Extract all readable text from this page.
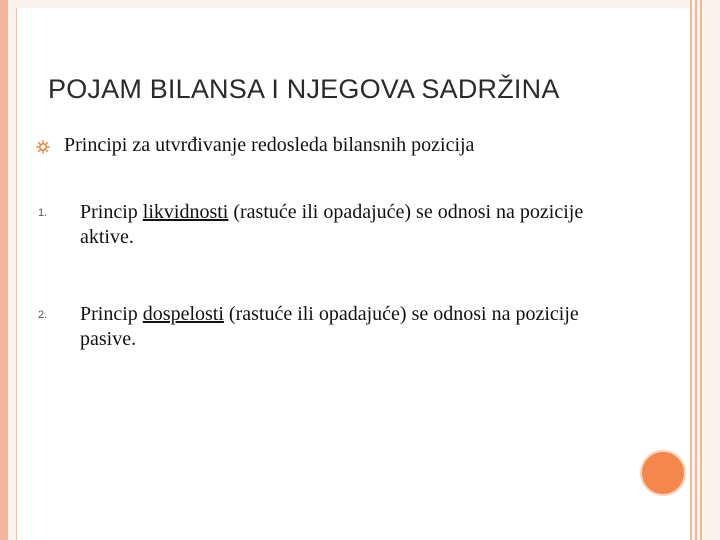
POJAM BILANSA I NJEGOVA SADRŽINA
Principi za utvrđivanje redosleda bilansnih pozicija
1.	Princip likvidnosti (rastuće ili opadajuće) se odnosi na pozicije aktive.
2.	Princip dospelosti (rastuće ili opadajuće) se odnosi na pozicije pasive.
